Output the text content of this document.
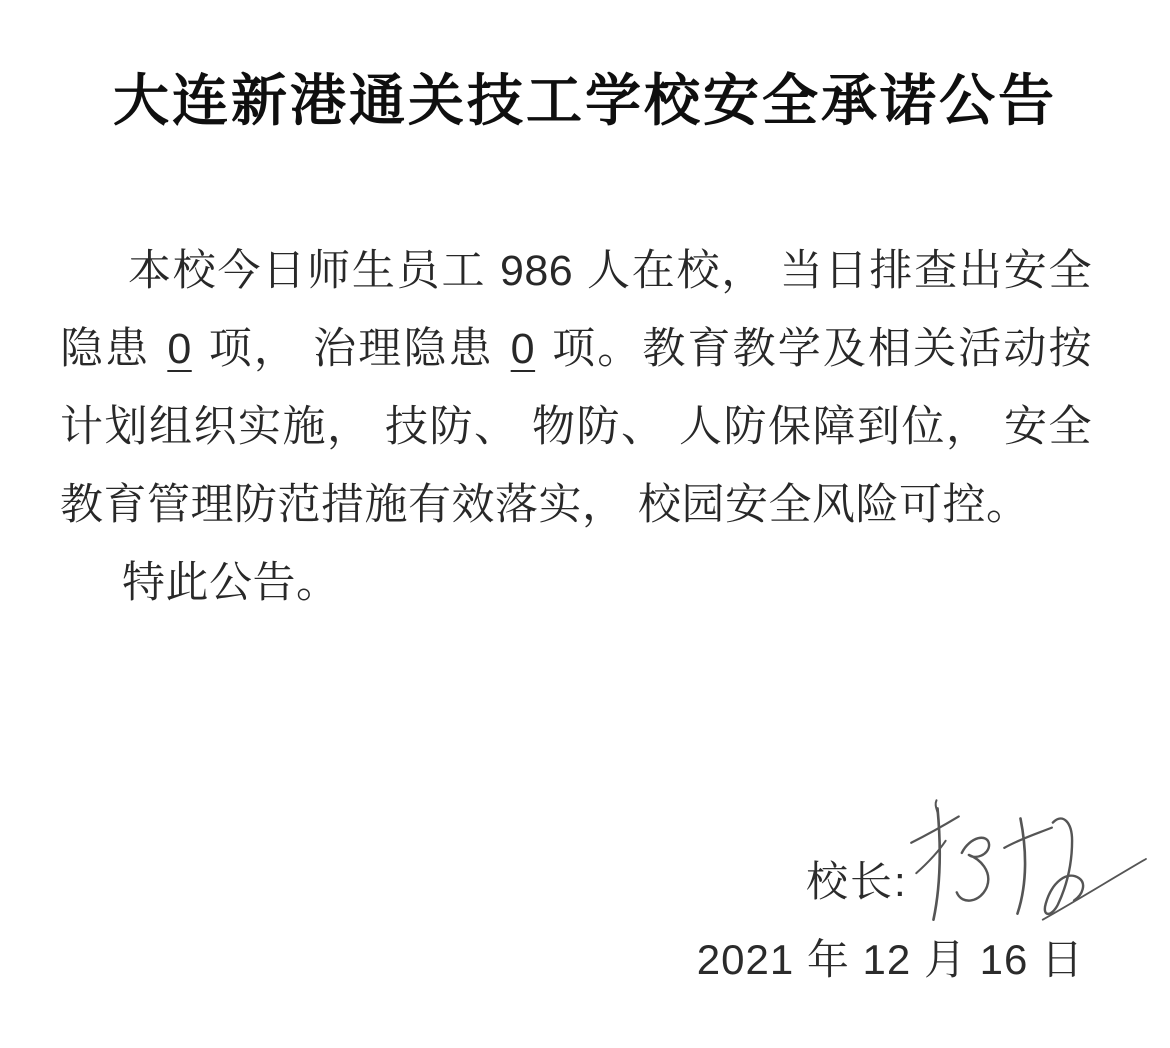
大连新港通关技工学校安全承诺公告

本校今日师生员工 986 人在校， 当日排查出安全隐患 0 项， 治理隐患 0 项。教育教学及相关活动按计划组织实施， 技防、 物防、 人防保障到位， 安全教育管理防范措施有效落实， 校园安全风险可控。

特此公告。

校长:
2021 年 12 月 16 日
